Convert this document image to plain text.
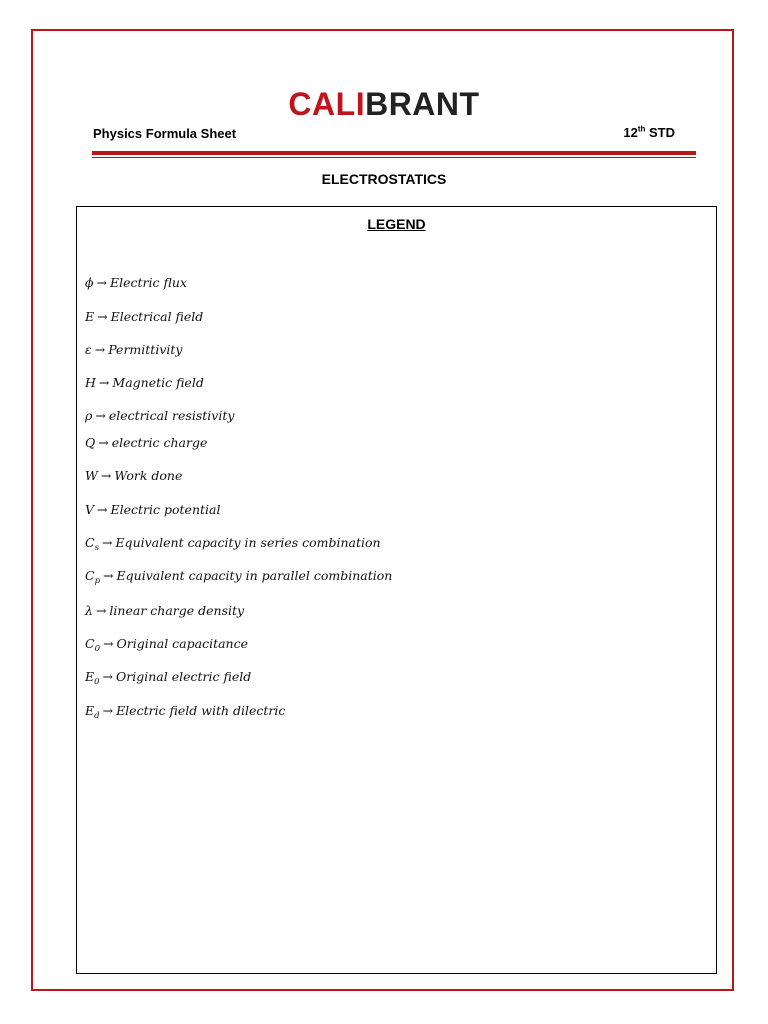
CALIBRANT
Physics Formula Sheet	12th STD
ELECTROSTATICS
LEGEND
ϕ → Electric flux
E → Electrical field
ε → Permittivity
H → Magnetic field
ρ → electrical resistivity
Q → electric charge
W → Work done
V → Electric potential
$C_s$ → Equivalent capacity in series combination
$C_p$ → Equivalent capacity in parallel combination
λ → linear charge density
$C_0$ → Original capacitance
$E_0$ → Original electric field
$E_d$ → Electric field with dilectric
